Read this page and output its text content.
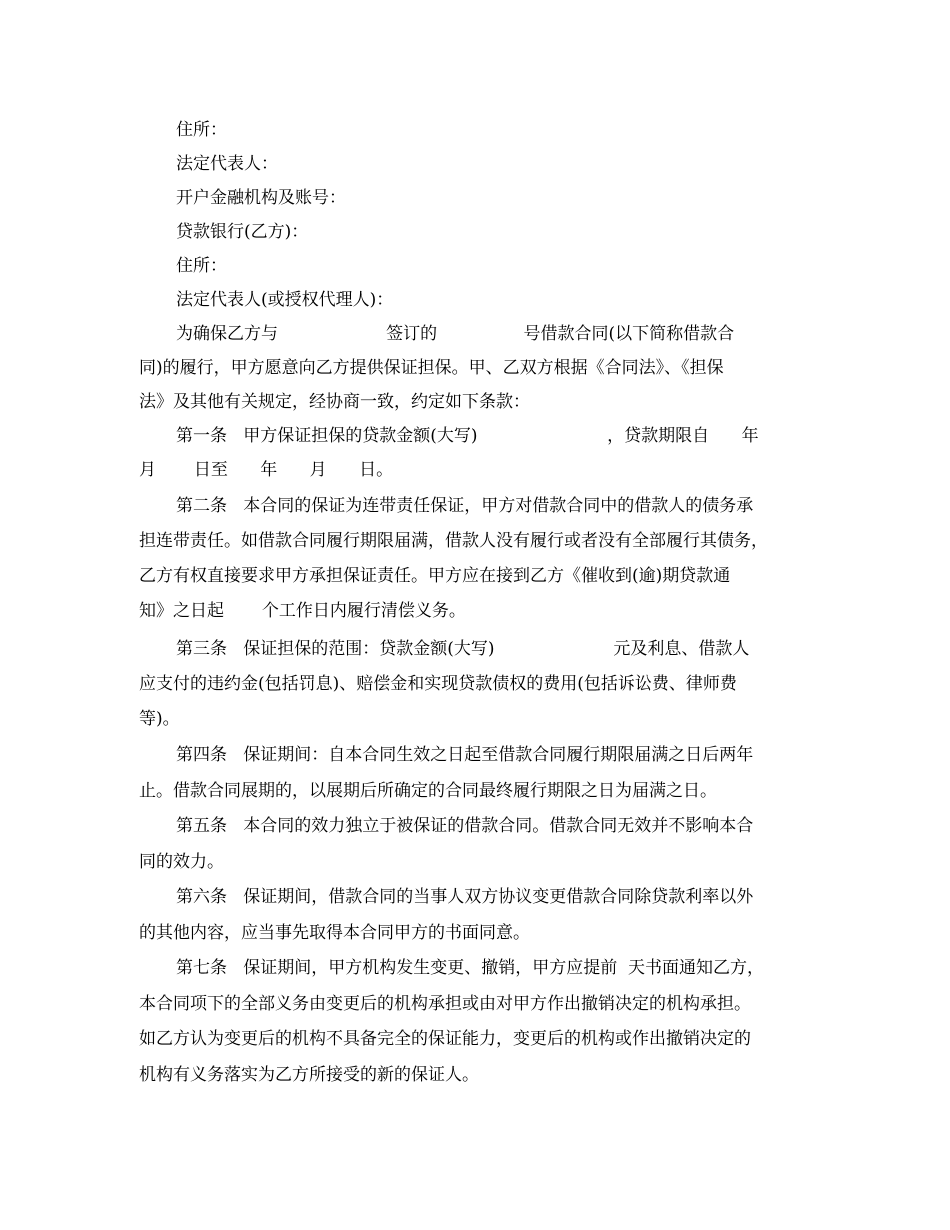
住所：
法定代表人：
开户金融机构及账号：
贷款银行(乙方)：
住所：
法定代表人(或授权代理人)：
为确保乙方与                    签订的                号借款合同(以下简称借款合
同)的履行，甲方愿意向乙方提供保证担保。甲、乙双方根据《合同法》、《担保
法》及其他有关规定，经协商一致，约定如下条款：
第一条   甲方保证担保的贷款金额(大写)                        ，贷款期限自      年
月       日至      年      月      日。
第二条   本合同的保证为连带责任保证，甲方对借款合同中的借款人的债务承
担连带责任。如借款合同履行期限届满，借款人没有履行或者没有全部履行其债务，
乙方有权直接要求甲方承担保证责任。甲方应在接到乙方《催收到(逾)期贷款通
知》之日起       个工作日内履行清偿义务。
第三条   保证担保的范围：贷款金额(大写)                      元及利息、借款人
应支付的违约金(包括罚息)、赔偿金和实现贷款债权的费用(包括诉讼费、律师费
等)。
第四条   保证期间：自本合同生效之日起至借款合同履行期限届满之日后两年
止。借款合同展期的，以展期后所确定的合同最终履行期限之日为届满之日。
第五条   本合同的效力独立于被保证的借款合同。借款合同无效并不影响本合
同的效力。
第六条   保证期间，借款合同的当事人双方协议变更借款合同除贷款利率以外
的其他内容，应当事先取得本合同甲方的书面同意。
第七条   保证期间，甲方机构发生变更、撤销，甲方应提前  天书面通知乙方，
本合同项下的全部义务由变更后的机构承担或由对甲方作出撤销决定的机构承担。
如乙方认为变更后的机构不具备完全的保证能力，变更后的机构或作出撤销决定的
机构有义务落实为乙方所接受的新的保证人。
